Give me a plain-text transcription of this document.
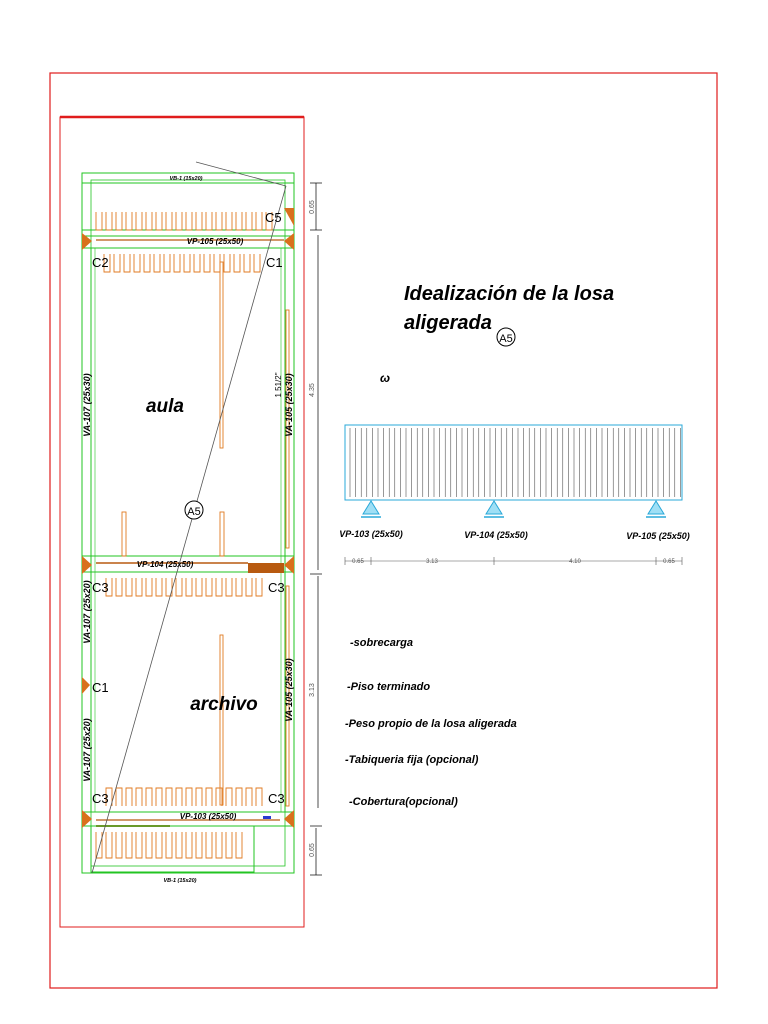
A5
VB-1 (15x20)
VP-105 (25x50)
VP-104 (25x50)
VP-103 (25x50)
VB-1 (15x20)
VA-107 (25x30)
VA-107 (25x20)
VA-107 (25x20)
VA-105 (25x30)
VA-105 (25x30)
1 51/2"
C5
C2	C1
C3	C3
C1
C3	C3
aula
archivo
0.65
4.35
3.13
0.65
Idealización de la losa
aligerada
A5
ω
VP-103 (25x50)	VP-104 (25x50)	VP-105 (25x50)
0.65	3.13	4.10	0.65
-sobrecarga
-Piso terminado
-Peso propio de la losa aligerada
-Tabiqueria fija (opcional)
-Cobertura(opcional)
